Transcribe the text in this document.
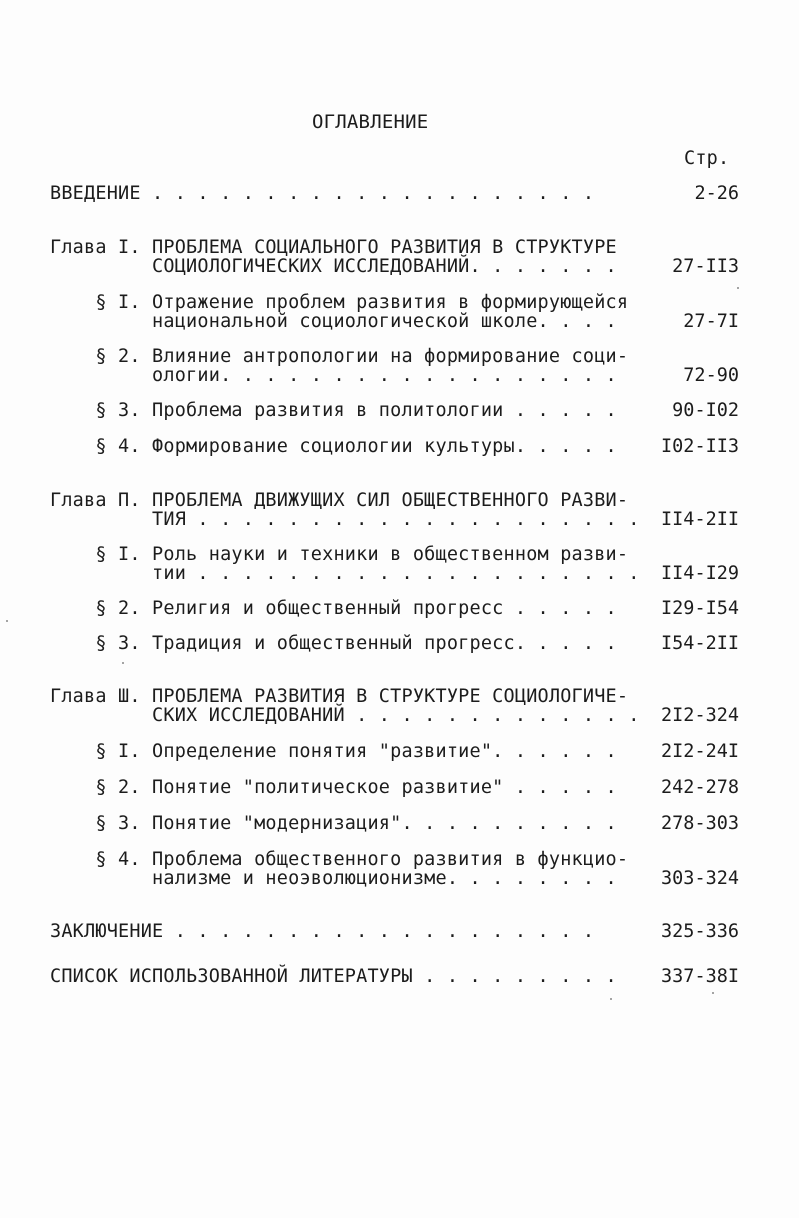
ОГЛАВЛЕНИЕ
Стр.
ВВЕДЕНИЕ . . . . . . . . . . . . . . . . . . . .	2-26
Глава I. ПРОБЛЕМА СОЦИАЛЬНОГО РАЗВИТИЯ В СТРУКТУРЕ
СОЦИОЛОГИЧЕСКИХ ИССЛЕДОВАНИЙ. . . . . . .	27-II3
§ I. Отражение проблем развития в формирующейся
национальной социологической школе. . . .	27-7I
§ 2. Влияние антропологии на формирование соци-
ологии. . . . . . . . . . . . . . . . . .	72-90
§ 3. Проблема развития в политологии . . . . .	90-I02
§ 4. Формирование социологии культуры. . . . . I02-II3
Глава П. ПРОБЛЕМА ДВИЖУЩИХ СИЛ ОБЩЕСТВЕННОГО РАЗВИ-
ТИЯ . . . . . . . . . . . . . . . . . . . . II4-2II
§ I. Роль науки и техники в общественном разви-
тии . . . . . . . . . . . . . . . . . . . . II4-I29
§ 2. Религия и общественный прогресс . . . . . I29-I54
§ 3. Традиция и общественный прогресс. . . . . I54-2II
Глава Ш. ПРОБЛЕМА РАЗВИТИЯ В СТРУКТУРЕ СОЦИОЛОГИЧЕ-
СКИХ ИССЛЕДОВАНИЙ . . . . . . . . . . . . . 2I2-324
§ I. Определение понятия "развитие". . . . . . 2I2-24I
§ 2. Понятие "политическое развитие" . . . . . 242-278
§ 3. Понятие "модернизация". . . . . . . . . . 278-303
§ 4. Проблема общественного развития в функцио-
нализме и неоэволюционизме. . . . . . . . 303-324
ЗАКЛЮЧЕНИЕ . . . . . . . . . . . . . . . . . . .	325-336
СПИСОК ИСПОЛЬЗОВАННОЙ ЛИТЕРАТУРЫ . . . . . . . . . 337-38I
